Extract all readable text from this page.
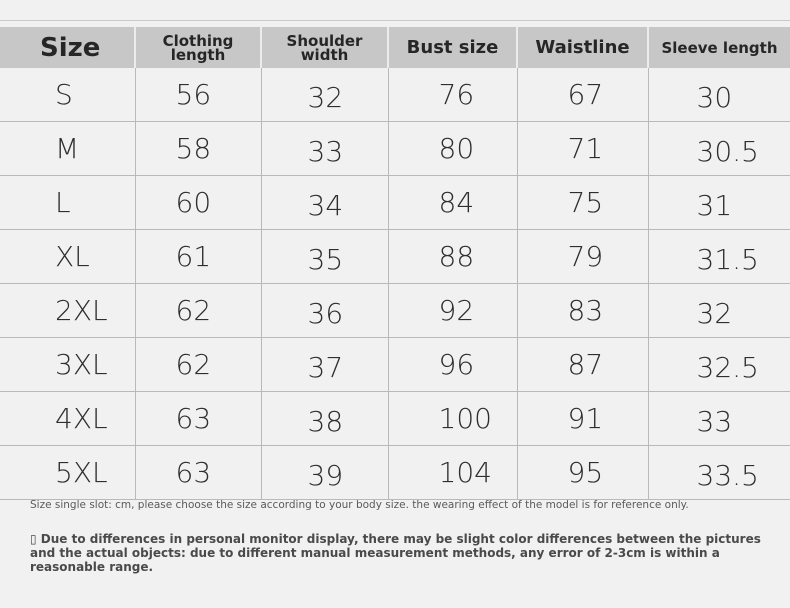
Size	Clothing length	Shoulder width	Bust size	Waistline	Sleeve length
S	56	32	76	67	30
M	58	33	80	71	30.5
L	60	34	84	75	31
XL	61	35	88	79	31.5
2XL	62	36	92	83	32
3XL	62	37	96	87	32.5
4XL	63	38	100	91	33
5XL	63	39	104	95	33.5
Size single slot: cm, please choose the size according to your body size. the wearing effect of the model is for reference only.
▯ Due to differences in personal monitor display, there may be slight color differences between the pictures and the actual objects: due to different manual measurement methods, any error of 2-3cm is within a reasonable range.
